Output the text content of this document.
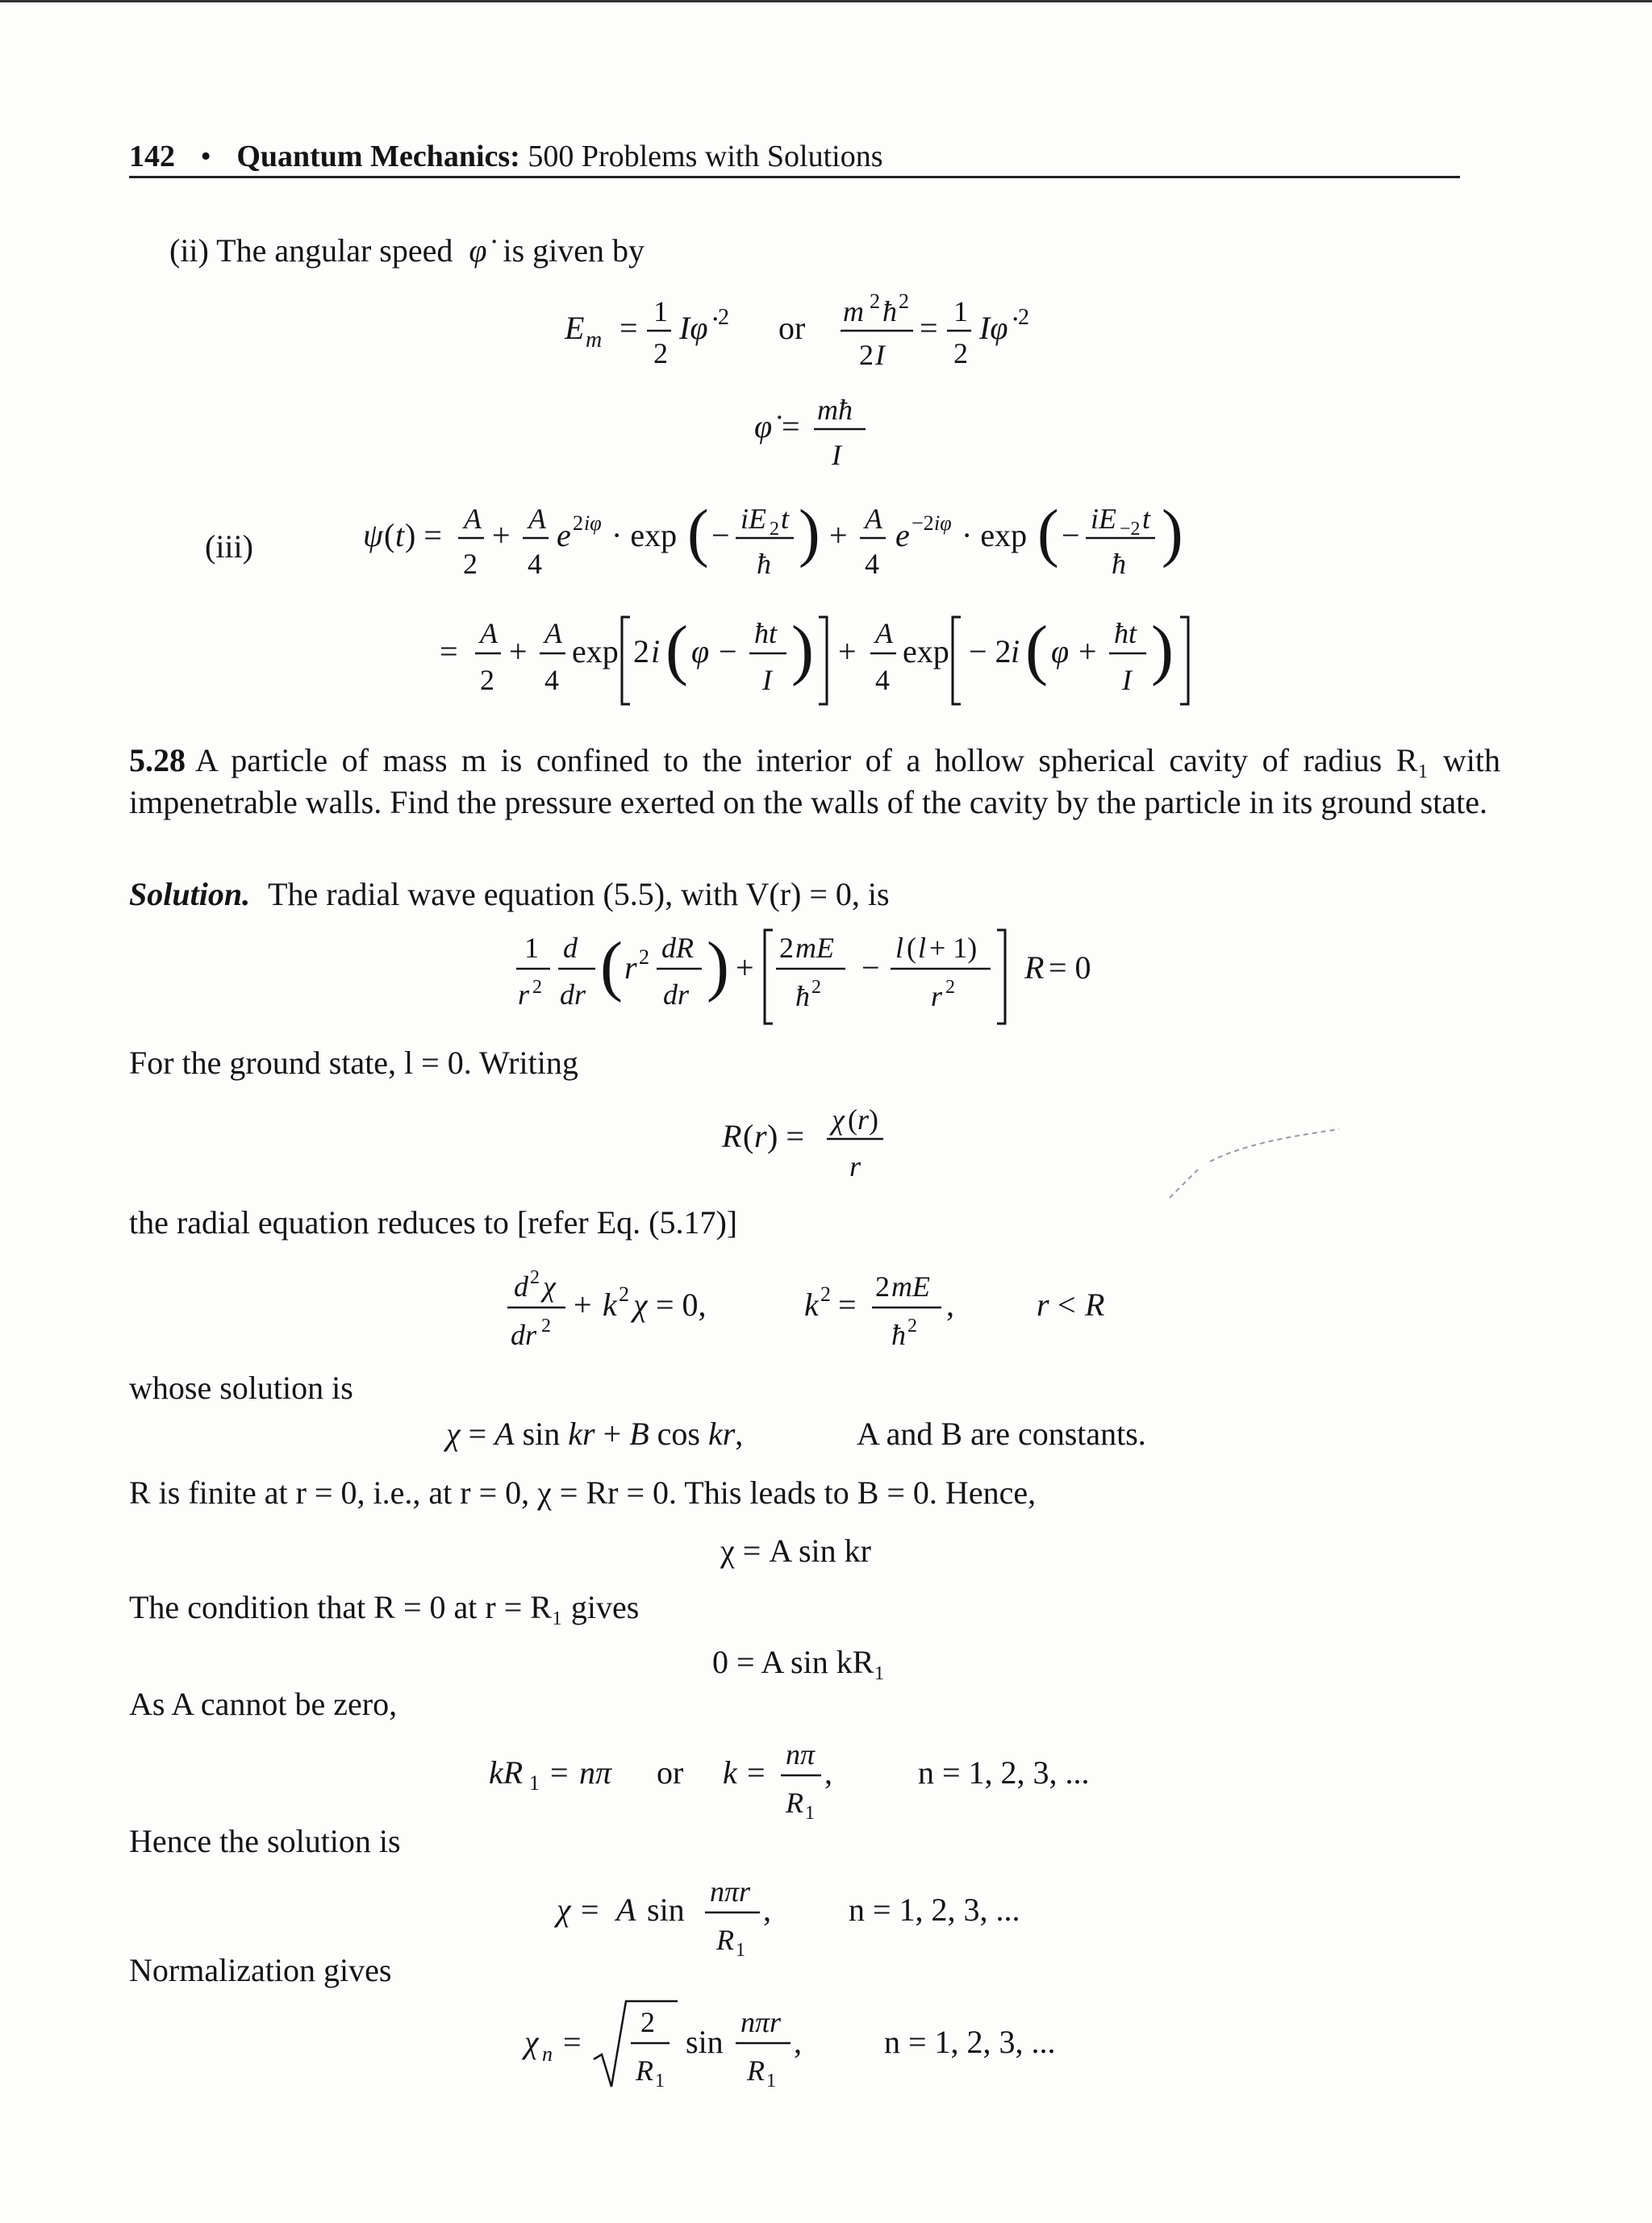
142 • Quantum Mechanics: 500 Problems with Solutions
(ii) The angular speed φ̇ is given by
E m = 1
2
Iφ̇ 2 or m 2 ħ 2
2 I
= 1
2
Iφ̇ 2
φ̇ = mħ
I
(iii)	ψ ( t ) = A
2
+ A
4
e 2 iφ · exp ( − iE 2 t
ħ ) + A
4
e −2 iφ · exp ( − iE −2 t
ħ )
= A
2
+ A
4
exp 2 i ( φ − ħt
I ) + A
4
exp − 2 i ( φ + ħt
I )
5.28 A particle of mass m is confined to the interior of a hollow spherical cavity of radius R₁ with impenetrable walls. Find the pressure exerted on the walls of the cavity by the particle in its ground state.
Solution. The radial wave equation (5.5), with V(r) = 0, is
1
r 2
d
dr ( r 2 dR
dr ) +
2 mE
ħ 2
−
l ( l + 1)
r 2
R = 0
For the ground state, l = 0. Writing
R ( r ) = χ ( r )
r
the radial equation reduces to [refer Eq. (5.17)]
d 2 χ
dr 2
+ k 2 χ = 0,	k 2 = 2 mE
ħ 2
,	r < R
whose solution is
χ = A sin kr + B cos kr,	A and B are constants.
R is finite at r = 0, i.e., at r = 0, χ = Rr = 0. This leads to B = 0. Hence,
χ = A sin kr
The condition that R = 0 at r = R₁ gives
0 = A sin kR₁
As A cannot be zero,
kR 1 = nπ or k = nπ
R 1
,	n = 1, 2, 3, ...
Hence the solution is
χ = A sin nπr
R 1
, n = 1, 2, 3, ...
Normalization gives
χ n =
2
R 1
sin
nπr
R 1
,	n = 1, 2, 3, ...
